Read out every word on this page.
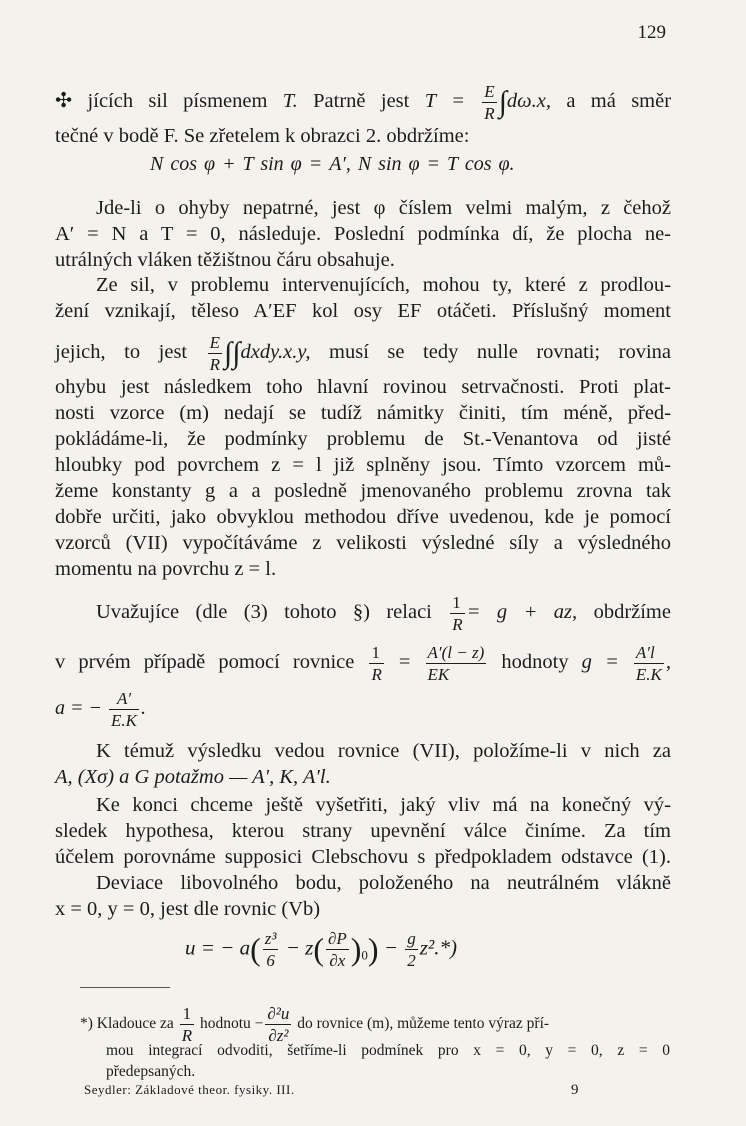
129
✣ jících sil písmenem T. Patrně jest $T = \frac{E}{R} \int d\omega.x$, a má směr
tečné v bodě F. Se zřetelem k obrazci 2. obdržíme:
N cos φ + T sin φ = A′, N sin φ = T cos φ.
Jde-li o ohyby nepatrné, jest φ číslem velmi malým, z čehož
A′ = N a T = 0, následuje. Poslední podmínka dí, že plocha ne-
utrálných vláken těžištnou čáru obsahuje.
Ze sil, v problemu intervenujících, mohou ty, které z prodlou-
žení vznikají, těleso A′EF kol osy EF otáčeti. Příslušný moment
jejich, to jest $\frac{E}{R}$ ∫∫dxdy.x.y, musí se tedy nulle rovnati; rovina
ohybu jest následkem toho hlavní rovinou setrvačnosti. Proti plat-
nosti vzorce (m) nedají se tudíž námitky činiti, tím méně, před-
pokládáme-li, že podmínky problemu de St.-Venantova od jisté
hloubky pod povrchem z = l již splněny jsou. Tímto vzorcem mů-
žeme konstanty g a a posledně jmenovaného problemu zrovna tak
dobře určiti, jako obvyklou methodou dříve uvedenou, kde je pomocí
vzorců (VII) vypočítáváme z velikosti výsledné síly a výsledného
momentu na povrchu z = l.
Uvažujíce (dle (3) tohoto §) relaci $\frac{1}{R} = g$ + az, obdržíme
v prvém případě pomocí rovnice $\frac{1}{R} = \frac{A'(l - z)}{EK}$ hodnoty $g = \frac{A'l}{E.K}$ ,
a = − $\frac{A'}{E.K}$ .
K témuž výsledku vedou rovnice (VII), položíme-li v nich za
A, (Xσ) a G potažmo — A′, K, A′l.
Ke konci chceme ještě vyšetřiti, jaký vliv má na konečný vý-
sledek hypothesa, kterou strany upevnění válce činíme. Za tím
účelem porovnáme supposici Clebschovu s předpokladem odstavce (1).
Deviace libovolného bodu, položeného na neutrálném vláknĕ
x = 0, y = 0, jest dle rovnic (Vb)
u = − $a( \frac{\text{z³}}{6} - z( \frac{\partial P}{\partial x} )_0) - \frac{g}{2} z^2.*$)
*) Kladouce za $\frac{1}{R}$ hodnotu − $\frac{\text{∂²u}}{\text{∂z²}}$ do rovnice (m), můžeme tento výraz pří-
mou integrací odvoditi, šetříme-li podmínek pro x = 0, y = 0, z = 0
předepsaných.
Seydler: Základové theor. fysiky. III.	9
